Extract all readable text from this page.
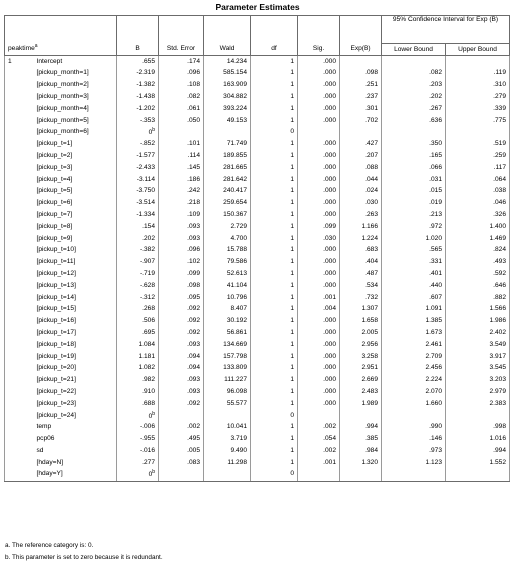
Parameter Estimates
peaktime$^a$		B	Std. Error	Wald	df	Sig.	Exp(B)	95% Confidence Interval for Exp (B)	
								Lower Bound	Upper Bound
1	Intercept	.655	.174	14.234	1	.000			
	[pickup_month=1]	-2.319	.096	585.154	1	.000	.098	.082	.119
	[pickup_month=2]	-1.382	.108	163.909	1	.000	.251	.203	.310
	[pickup_month=3]	-1.438	.082	304.882	1	.000	.237	.202	.279
	[pickup_month=4]	-1.202	.061	393.224	1	.000	.301	.267	.339
	[pickup_month=5]	-.353	.050	49.153	1	.000	.702	.636	.775
	[pickup_month=6]	0$^b$			0				
	[pickup_t=1]	-.852	.101	71.749	1	.000	.427	.350	.519
	[pickup_t=2]	-1.577	.114	189.855	1	.000	.207	.165	.259
	[pickup_t=3]	-2.433	.145	281.665	1	.000	.088	.066	.117
	[pickup_t=4]	-3.114	.186	281.642	1	.000	.044	.031	.064
	[pickup_t=5]	-3.750	.242	240.417	1	.000	.024	.015	.038
	[pickup_t=6]	-3.514	.218	259.654	1	.000	.030	.019	.046
	[pickup_t=7]	-1.334	.109	150.367	1	.000	.263	.213	.326
	[pickup_t=8]	.154	.093	2.729	1	.099	1.166	.972	1.400
	[pickup_t=9]	.202	.093	4.700	1	.030	1.224	1.020	1.469
	[pickup_t=10]	-.382	.096	15.788	1	.000	.683	.565	.824
	[pickup_t=11]	-.907	.102	79.586	1	.000	.404	.331	.493
	[pickup_t=12]	-.719	.099	52.613	1	.000	.487	.401	.592
	[pickup_t=13]	-.628	.098	41.104	1	.000	.534	.440	.646
	[pickup_t=14]	-.312	.095	10.796	1	.001	.732	.607	.882
	[pickup_t=15]	.268	.092	8.407	1	.004	1.307	1.091	1.566
	[pickup_t=16]	.506	.092	30.192	1	.000	1.658	1.385	1.986
	[pickup_t=17]	.695	.092	56.861	1	.000	2.005	1.673	2.402
	[pickup_t=18]	1.084	.093	134.669	1	.000	2.956	2.461	3.549
	[pickup_t=19]	1.181	.094	157.798	1	.000	3.258	2.709	3.917
	[pickup_t=20]	1.082	.094	133.809	1	.000	2.951	2.456	3.545
	[pickup_t=21]	.982	.093	111.227	1	.000	2.669	2.224	3.203
	[pickup_t=22]	.910	.093	96.098	1	.000	2.483	2.070	2.979
	[pickup_t=23]	.688	.092	55.577	1	.000	1.989	1.660	2.383
	[pickup_t=24]	0$^b$			0				
	temp	-.006	.002	10.041	1	.002	.994	.990	.998
	pcp06	-.955	.495	3.719	1	.054	.385	.146	1.016
	sd	-.016	.005	9.490	1	.002	.984	.973	.994
	[hday=N]	.277	.083	11.298	1	.001	1.320	1.123	1.552
	[hday=Y]	0$^b$			0				
a. The reference category is: 0.
b. This parameter is set to zero because it is redundant.
